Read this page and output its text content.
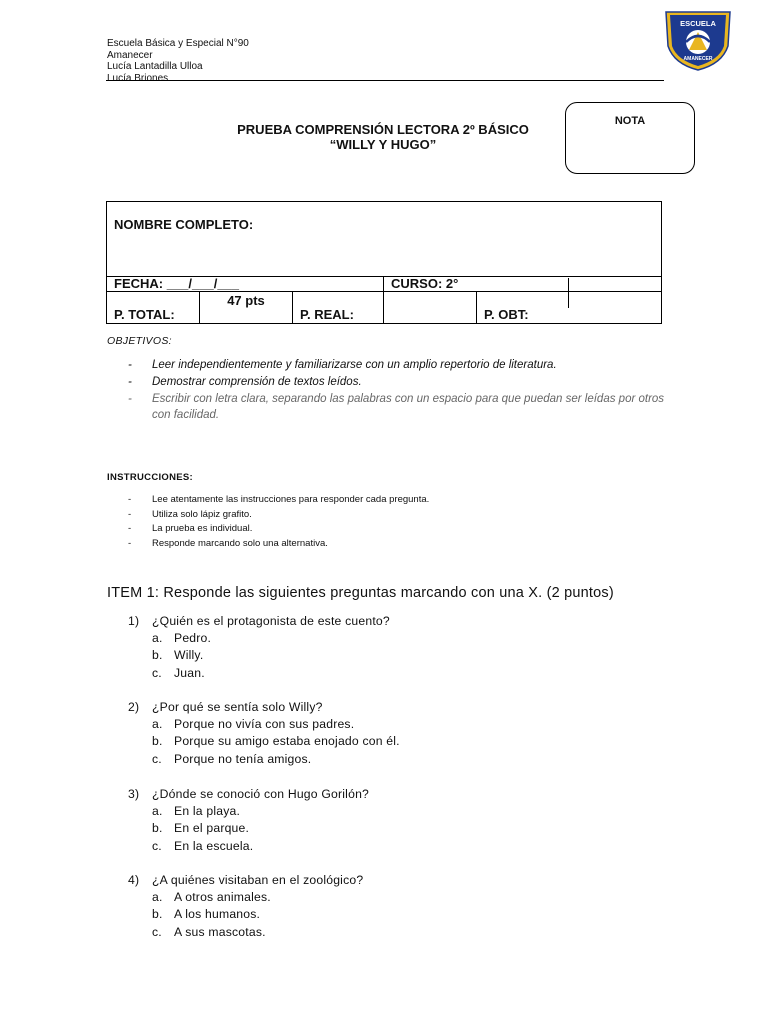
Escuela Básica y Especial N°90
Amanecer
Lucía Lantadilla Ulloa
Lucía Briones
ESCUELA
AMANECER
PRUEBA COMPRENSIÓN LECTORA 2º BÁSICO
“WILLY Y HUGO”
NOTA
NOMBRE COMPLETO:				
FECHA: ___/___/___			CURSO: 2°	
P. TOTAL:	47 pts	P. REAL:		P. OBT:
OBJETIVOS:
- Leer independientemente y familiarizarse con un amplio repertorio de literatura.
- Demostrar comprensión de textos leídos.
- Escribir con letra clara, separando las palabras con un espacio para que puedan ser leídas por otros con facilidad.
INSTRUCCIONES:
- Lee atentamente las instrucciones para responder cada pregunta.
- Utiliza solo lápiz grafito.
- La prueba es individual.
- Responde marcando solo una alternativa.
ITEM 1: Responde las siguientes preguntas marcando con una X. (2 puntos)
1) ¿Quién es el protagonista de este cuento?
a. Pedro.
b. Willy.
c. Juan.
2) ¿Por qué se sentía solo Willy?
a. Porque no vivía con sus padres.
b. Porque su amigo estaba enojado con él.
c. Porque no tenía amigos.
3) ¿Dónde se conoció con Hugo Gorilón?
a. En la playa.
b. En el parque.
c. En la escuela.
4) ¿A quiénes visitaban en el zoológico?
a. A otros animales.
b. A los humanos.
c. A sus mascotas.
